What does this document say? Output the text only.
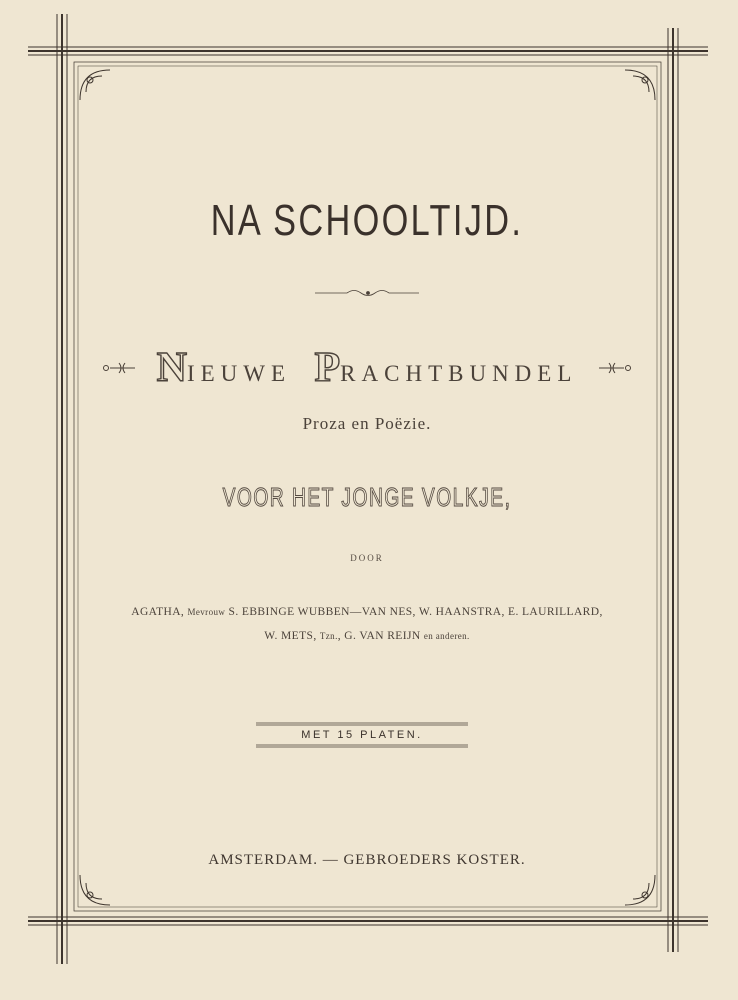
NA SCHOOLTIJD.
NIEUWE PRACHTBUNDEL
Proza en Poëzie.
VOOR HET JONGE VOLKJE,
DOOR
AGATHA, Mevrouw S. EBBINGE WUBBEN—VAN NES, W. HAANSTRA, E. LAURILLARD,
W. METS, Tzn., G. VAN REIJN en anderen.
MET 15 PLATEN.
AMSTERDAM. — GEBROEDERS KOSTER.
